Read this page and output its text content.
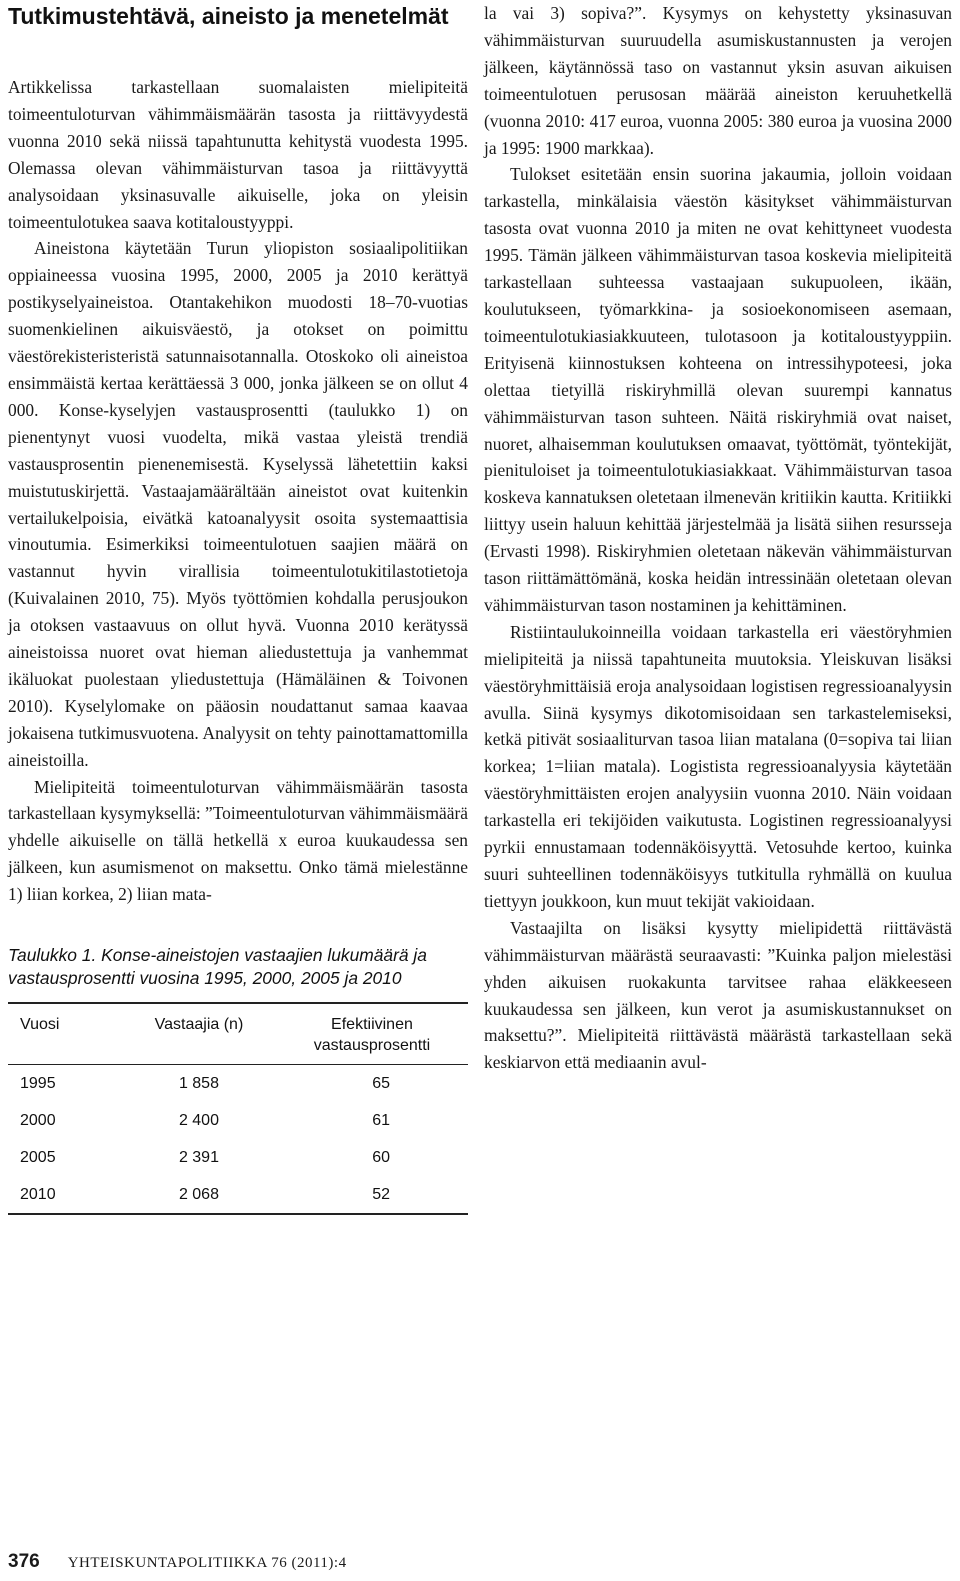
Tutkimustehtävä, aineisto ja menetelmät

Artikkelissa tarkastellaan suomalaisten mielipiteitä toimeentuloturvan vähimmäismäärän tasosta ja riittävyydestä vuonna 2010 sekä niissä tapahtunutta kehitystä vuodesta 1995. Olemassa olevan vähimmäisturvan tasoa ja riittävyyttä analysoidaan yksinasuvalle aikuiselle, joka on yleisin toimeentulotukea saava kotitaloustyyppi.

Aineistona käytetään Turun yliopiston sosiaalipolitiikan oppiaineessa vuosina 1995, 2000, 2005 ja 2010 kerättyä postikyselyaineistoa. Otantakehikon muodosti 18–70-vuotias suomenkielinen aikuisväestö, ja otokset on poimittu väestörekisteristeristä satunnaisotannalla. Otoskoko oli aineistoa ensimmäistä kertaa kerättäessä 3 000, jonka jälkeen se on ollut 4 000. Konse-kyselyjen vastausprosentti (taulukko 1) on pienentynyt vuosi vuodelta, mikä vastaa yleistä trendiä vastausprosentin pienenemisestä. Kyselyssä lähetettiin kaksi muistutuskirjettä. Vastaajamäärältään aineistot ovat kuitenkin vertailukelpoisia, eivätkä katoanalyysit osoita systemaattisia vinoutumia. Esimerkiksi toimeentulotuen saajien määrä on vastannut hyvin virallisia toimeentulotukitilastotietoja (Kuivalainen 2010, 75). Myös työttömien kohdalla perusjoukon ja otoksen vastaavuus on ollut hyvä. Vuonna 2010 kerätyssä aineistoissa nuoret ovat hieman aliedustettuja ja vanhemmat ikäluokat puolestaan yliedustettuja (Hämäläinen & Toivonen 2010). Kyselylomake on pääosin noudattanut samaa kaavaa jokaisena tutkimusvuotena. Analyysit on tehty painottamattomilla aineistoilla.

Mielipiteitä toimeentuloturvan vähimmäismäärän tasosta tarkastellaan kysymyksellä: ”Toimeentuloturvan vähimmäismäärä yhdelle aikuiselle on tällä hetkellä x euroa kuukaudessa sen jälkeen, kun asumismenot on maksettu. Onko tämä mielestänne 1) liian korkea, 2) liian mata-

Taulukko 1. Konse-aineistojen vastaajien lukumäärä ja vastausprosentti vuosina 1995, 2000, 2005 ja 2010

Vuosi	Vastaajia (n)	Efektiivinen
vastausprosentti
1995	1 858	65
2000	2 400	61
2005	2 391	60
2010	2 068	52

la vai 3) sopiva?”. Kysymys on kehystetty yksinasuvan vähimmäisturvan suuruudella asumiskustannusten ja verojen jälkeen, käytännössä taso on vastannut yksin asuvan aikuisen toimeentulotuen perusosan määrää aineiston keruuhetkellä (vuonna 2010: 417 euroa, vuonna 2005: 380 euroa ja vuosina 2000 ja 1995: 1900 markkaa).

Tulokset esitetään ensin suorina jakaumia, jolloin voidaan tarkastella, minkälaisia väestön käsitykset vähimmäisturvan tasosta ovat vuonna 2010 ja miten ne ovat kehittyneet vuodesta 1995. Tämän jälkeen vähimmäisturvan tasoa koskevia mielipiteitä tarkastellaan suhteessa vastaajaan sukupuoleen, ikään, koulutukseen, työmarkkina- ja sosioekonomiseen asemaan, toimeentulotukiasiakkuuteen, tulotasoon ja kotitaloustyyppiin. Erityisenä kiinnostuksen kohteena on intressihypoteesi, joka olettaa tietyillä riskiryhmillä olevan suurempi kannatus vähimmäisturvan tason suhteen. Näitä riskiryhmiä ovat naiset, nuoret, alhaisemman koulutuksen omaavat, työttömät, työntekijät, pienituloiset ja toimeentulotukiasiakkaat. Vähimmäisturvan tasoa koskeva kannatuksen oletetaan ilmenevän kritiikin kautta. Kritiikki liittyy usein haluun kehittää järjestelmää ja lisätä siihen resursseja (Ervasti 1998). Riskiryhmien oletetaan näkevän vähimmäisturvan tason riittämättömänä, koska heidän intressinään oletetaan olevan vähimmäisturvan tason nostaminen ja kehittäminen.

Ristiintaulukoinneilla voidaan tarkastella eri väestöryhmien mielipiteitä ja niissä tapahtuneita muutoksia. Yleiskuvan lisäksi väestöryhmittäisiä eroja analysoidaan logistisen regressioanalyysin avulla. Siinä kysymys dikotomisoidaan sen tarkastelemiseksi, ketkä pitivät sosiaaliturvan tasoa liian matalana (0=sopiva tai liian korkea; 1=liian matala). Logistista regressioanalyysia käytetään väestöryhmittäisten erojen analyysiin vuonna 2010. Näin voidaan tarkastella eri tekijöiden vaikutusta. Logistinen regressioanalyysi pyrkii ennustamaan todennäköisyyttä. Vetosuhde kertoo, kuinka suuri suhteellinen todennäköisyys tutkitulla ryhmällä on kuulua tiettyyn joukkoon, kun muut tekijät vakioidaan.

Vastaajilta on lisäksi kysytty mielipidettä riittävästä vähimmäisturvan määrästä seuraavasti: ”Kuinka paljon mielestäsi yhden aikuisen ruokakunta tarvitsee rahaa eläkkeeseen kuukaudessa sen jälkeen, kun verot ja asumiskustannukset on maksettu?”. Mielipiteitä riittävästä määrästä tarkastellaan sekä keskiarvon että mediaanin avul-

376 YHTEISKUNTAPOLITIIKKA 76 (2011):4
